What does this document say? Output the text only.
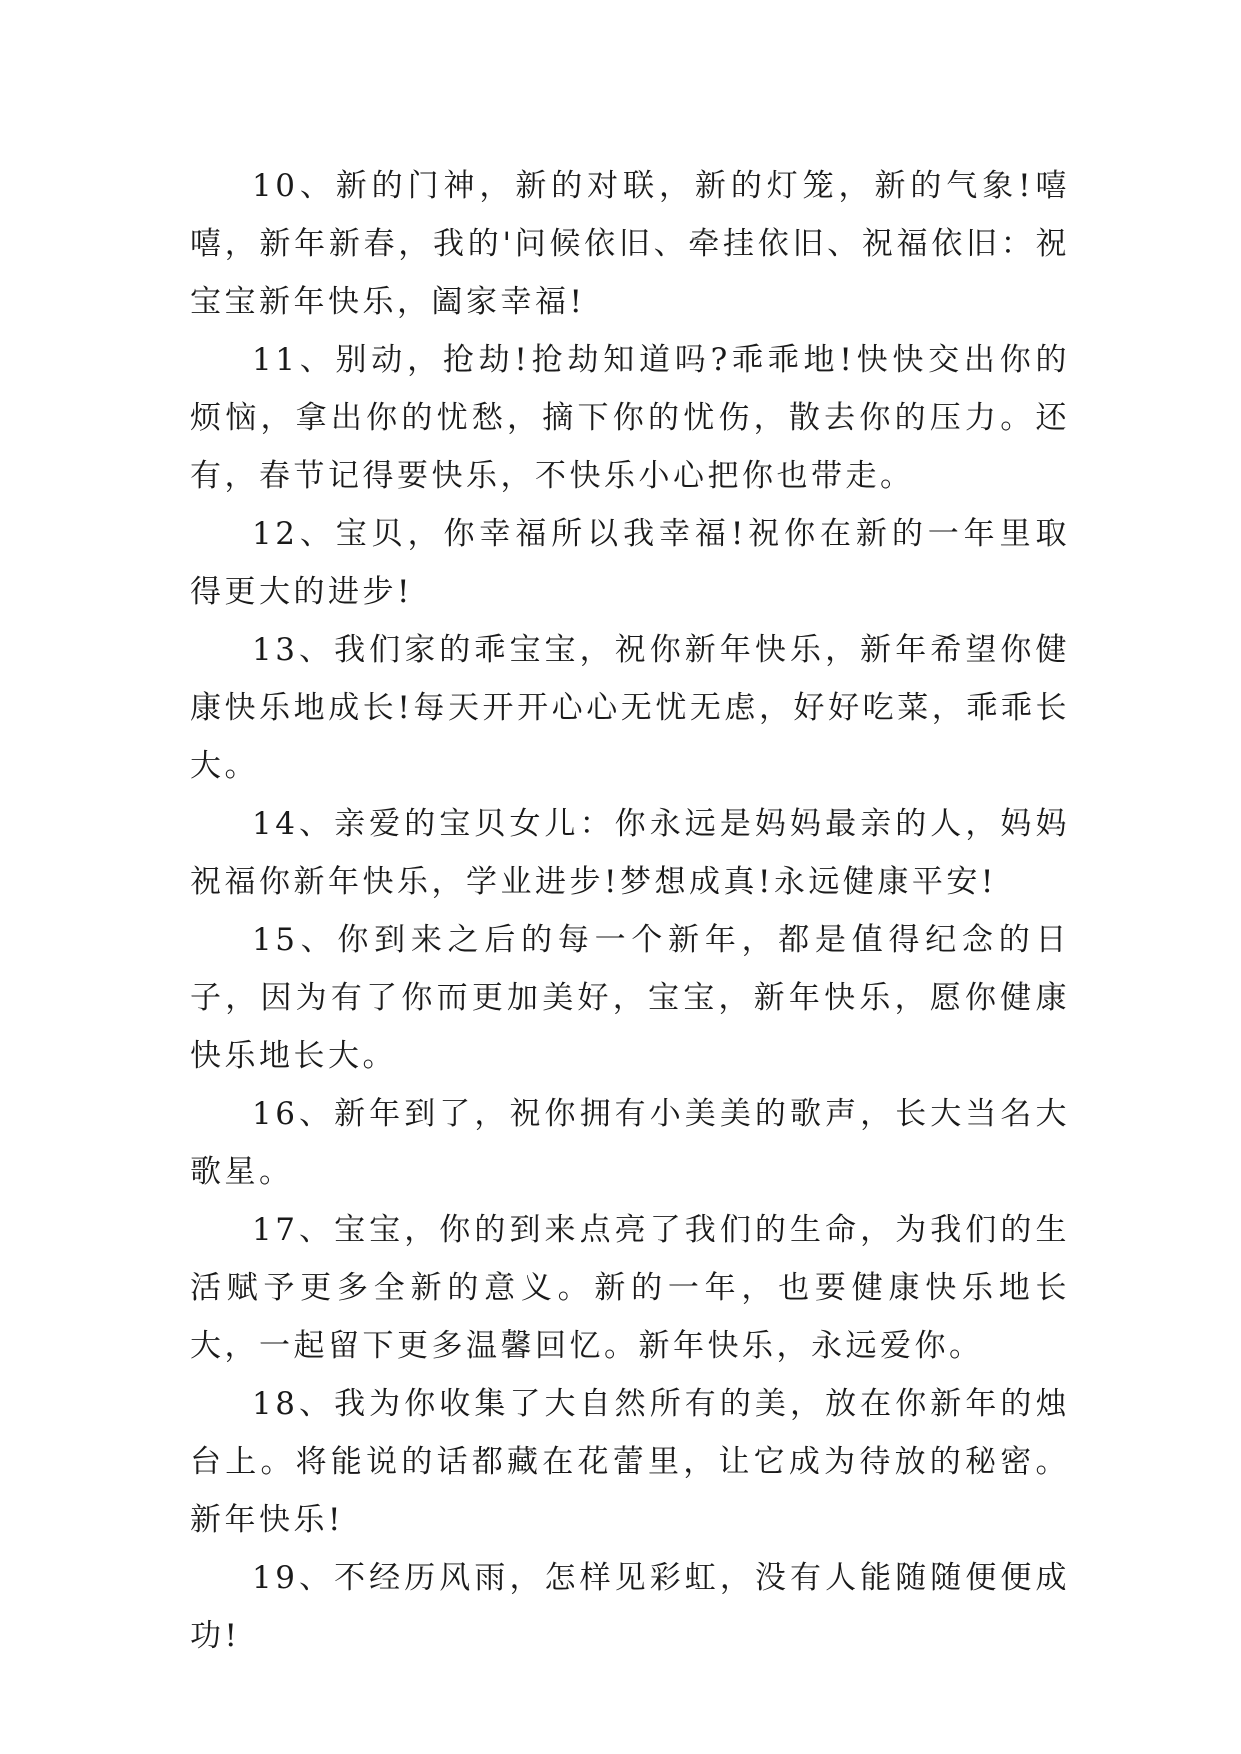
10、新的门神，新的对联，新的灯笼，新的气象!嘻嘻，新年新春，我的'问候依旧、牵挂依旧、祝福依旧：祝宝宝新年快乐，阖家幸福!

11、别动，抢劫!抢劫知道吗?乖乖地!快快交出你的烦恼，拿出你的忧愁，摘下你的忧伤，散去你的压力。还有，春节记得要快乐，不快乐小心把你也带走。

12、宝贝，你幸福所以我幸福!祝你在新的一年里取得更大的进步!

13、我们家的乖宝宝，祝你新年快乐，新年希望你健康快乐地成长!每天开开心心无忧无虑，好好吃菜，乖乖长大。

14、亲爱的宝贝女儿：你永远是妈妈最亲的人，妈妈祝福你新年快乐，学业进步!梦想成真!永远健康平安!

15、你到来之后的每一个新年，都是值得纪念的日子，因为有了你而更加美好，宝宝，新年快乐，愿你健康快乐地长大。

16、新年到了，祝你拥有小美美的歌声，长大当名大歌星。

17、宝宝，你的到来点亮了我们的生命，为我们的生活赋予更多全新的意义。新的一年，也要健康快乐地长大，一起留下更多温馨回忆。新年快乐，永远爱你。

18、我为你收集了大自然所有的美，放在你新年的烛台上。将能说的话都藏在花蕾里，让它成为待放的秘密。新年快乐!

19、不经历风雨，怎样见彩虹，没有人能随随便便成功!
